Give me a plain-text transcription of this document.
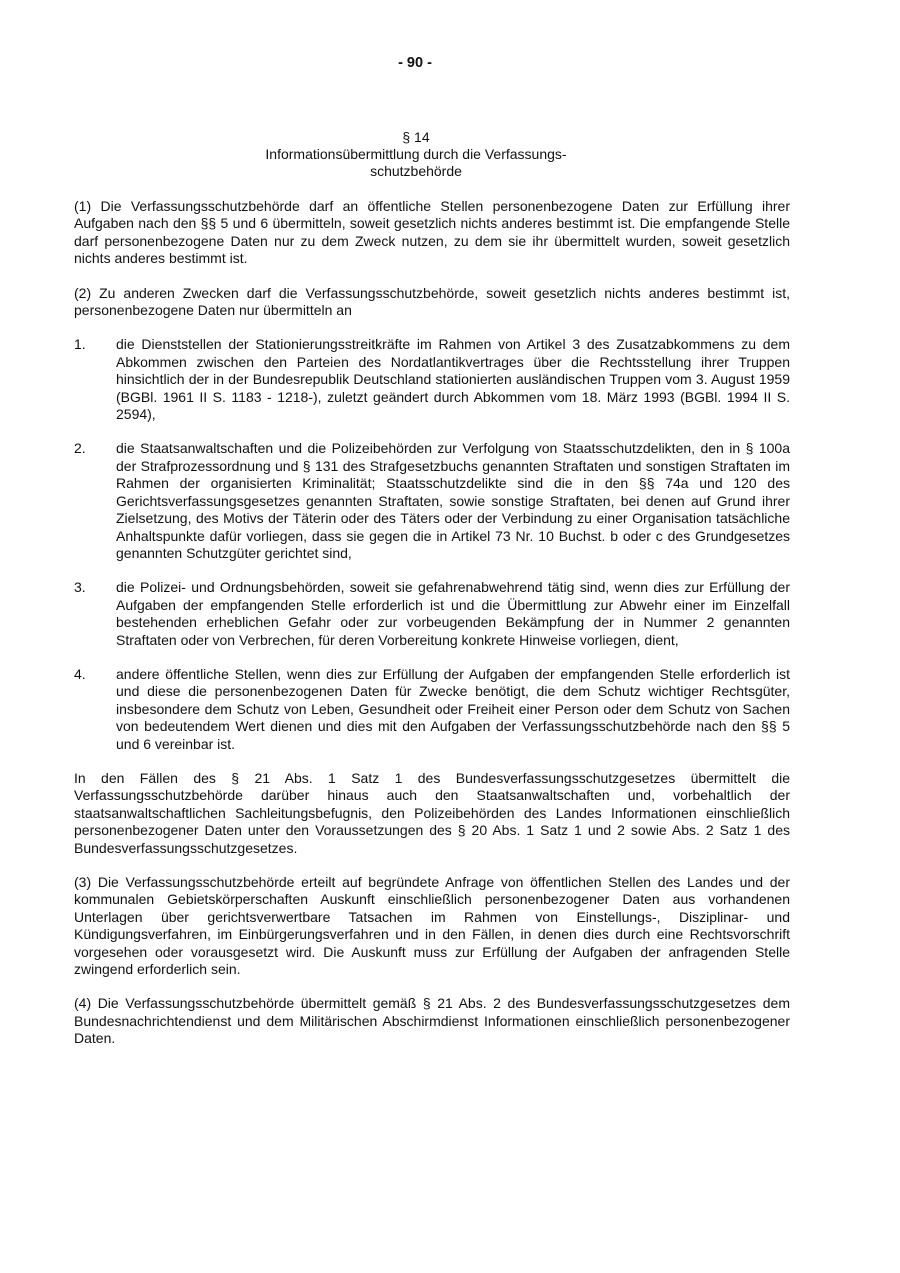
- 90 -
§ 14
Informationsübermittlung durch die Verfassungs-
schutzbehörde

(1) Die Verfassungsschutzbehörde darf an öffentliche Stellen personenbezogene Daten zur Erfüllung ihrer Aufgaben nach den §§ 5 und 6 übermitteln, soweit gesetzlich nichts anderes bestimmt ist. Die empfangende Stelle darf personenbezogene Daten nur zu dem Zweck nutzen, zu dem sie ihr übermittelt wurden, soweit gesetzlich nichts anderes bestimmt ist.

(2) Zu anderen Zwecken darf die Verfassungsschutzbehörde, soweit gesetzlich nichts anderes bestimmt ist, personenbezogene Daten nur übermitteln an

1.	die Dienststellen der Stationierungsstreitkräfte im Rahmen von Artikel 3 des Zusatzabkommens zu dem Abkommen zwischen den Parteien des Nordatlantikvertrages über die Rechtsstellung ihrer Truppen hinsichtlich der in der Bundesrepublik Deutschland stationierten ausländischen Truppen vom 3. August 1959 (BGBl. 1961 II S. 1183 - 1218-), zuletzt geändert durch Abkommen vom 18. März 1993 (BGBl. 1994 II S. 2594),
2.	die Staatsanwaltschaften und die Polizeibehörden zur Verfolgung von Staatsschutzdelikten, den in § 100a der Strafprozessordnung und § 131 des Strafgesetzbuchs genannten Straftaten und sonstigen Straftaten im Rahmen der organisierten Kriminalität; Staatsschutzdelikte sind die in den §§ 74a und 120 des Gerichtsverfassungsgesetzes genannten Straftaten, sowie sonstige Straftaten, bei denen auf Grund ihrer Zielsetzung, des Motivs der Täterin oder des Täters oder der Verbindung zu einer Organisation tatsächliche Anhaltspunkte dafür vorliegen, dass sie gegen die in Artikel 73 Nr. 10 Buchst. b oder c des Grundgesetzes genannten Schutzgüter gerichtet sind,
3.	die Polizei- und Ordnungsbehörden, soweit sie gefahrenabwehrend tätig sind, wenn dies zur Erfüllung der Aufgaben der empfangenden Stelle erforderlich ist und die Übermittlung zur Abwehr einer im Einzelfall bestehenden erheblichen Gefahr oder zur vorbeugenden Bekämpfung der in Nummer 2 genannten Straftaten oder von Verbrechen, für deren Vorbereitung konkrete Hinweise vorliegen, dient,
4.	andere öffentliche Stellen, wenn dies zur Erfüllung der Aufgaben der empfangenden Stelle erforderlich ist und diese die personenbezogenen Daten für Zwecke benötigt, die dem Schutz wichtiger Rechtsgüter, insbesondere dem Schutz von Leben, Gesundheit oder Freiheit einer Person oder dem Schutz von Sachen von bedeutendem Wert dienen und dies mit den Aufgaben der Verfassungsschutzbehörde nach den §§ 5 und 6 vereinbar ist.

In den Fällen des § 21 Abs. 1 Satz 1 des Bundesverfassungsschutzgesetzes übermittelt die Verfassungsschutzbehörde darüber hinaus auch den Staatsanwaltschaften und, vorbehaltlich der staatsanwaltschaftlichen Sachleitungsbefugnis, den Polizeibehörden des Landes Informationen einschließlich personenbezogener Daten unter den Voraussetzungen des § 20 Abs. 1 Satz 1 und 2 sowie Abs. 2 Satz 1 des Bundesverfassungsschutzgesetzes.

(3) Die Verfassungsschutzbehörde erteilt auf begründete Anfrage von öffentlichen Stellen des Landes und der kommunalen Gebietskörperschaften Auskunft einschließlich personenbezogener Daten aus vorhandenen Unterlagen über gerichtsverwertbare Tatsachen im Rahmen von Einstellungs-, Disziplinar- und Kündigungsverfahren, im Einbürgerungsverfahren und in den Fällen, in denen dies durch eine Rechtsvorschrift vorgesehen oder vorausgesetzt wird. Die Auskunft muss zur Erfüllung der Aufgaben der anfragenden Stelle zwingend erforderlich sein.

(4) Die Verfassungsschutzbehörde übermittelt gemäß § 21 Abs. 2 des Bundesverfassungsschutzgesetzes dem Bundesnachrichtendienst und dem Militärischen Abschirmdienst Informationen einschließlich personenbezogener Daten.
